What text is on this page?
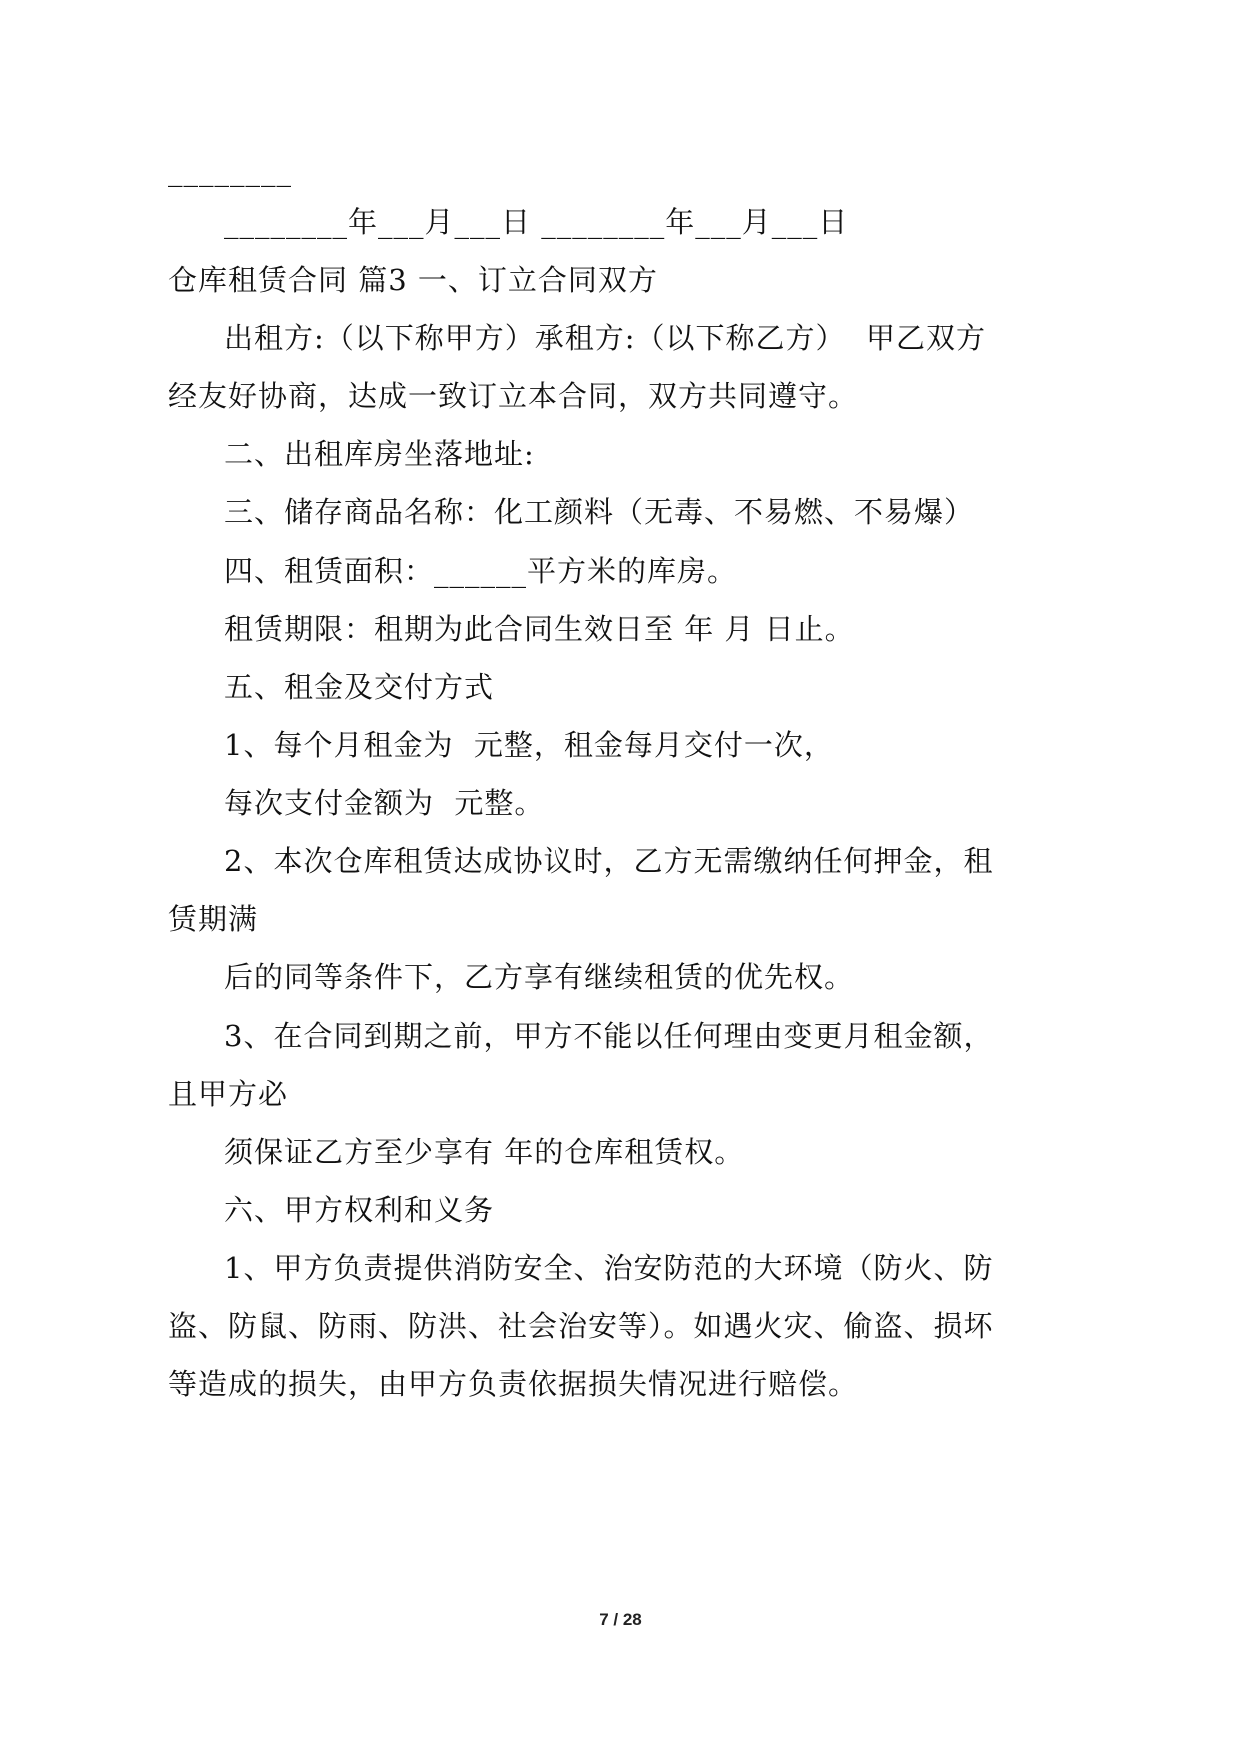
________
________年___月___日 ________年___月___日
仓库租赁合同 篇3 一、订立合同双方
出租方:（以下称甲方）承租方:（以下称乙方）  甲乙双方
经友好协商，达成一致订立本合同，双方共同遵守。
二、出租库房坐落地址:
三、储存商品名称：化工颜料（无毒、不易燃、不易爆）
四、租赁面积：______平方米的库房。
租赁期限：租期为此合同生效日至 年 月 日止。
五、租金及交付方式
1、每个月租金为  元整，租金每月交付一次，
每次支付金额为  元整。
2、本次仓库租赁达成协议时，乙方无需缴纳任何押金，租
赁期满
后的同等条件下，乙方享有继续租赁的优先权。
3、在合同到期之前，甲方不能以任何理由变更月租金额，
且甲方必
须保证乙方至少享有 年的仓库租赁权。
六、甲方权利和义务
1、甲方负责提供消防安全、治安防范的大环境（防火、防
盗、防鼠、防雨、防洪、社会治安等）。如遇火灾、偷盗、损坏
等造成的损失，由甲方负责依据损失情况进行赔偿。
7 / 28
